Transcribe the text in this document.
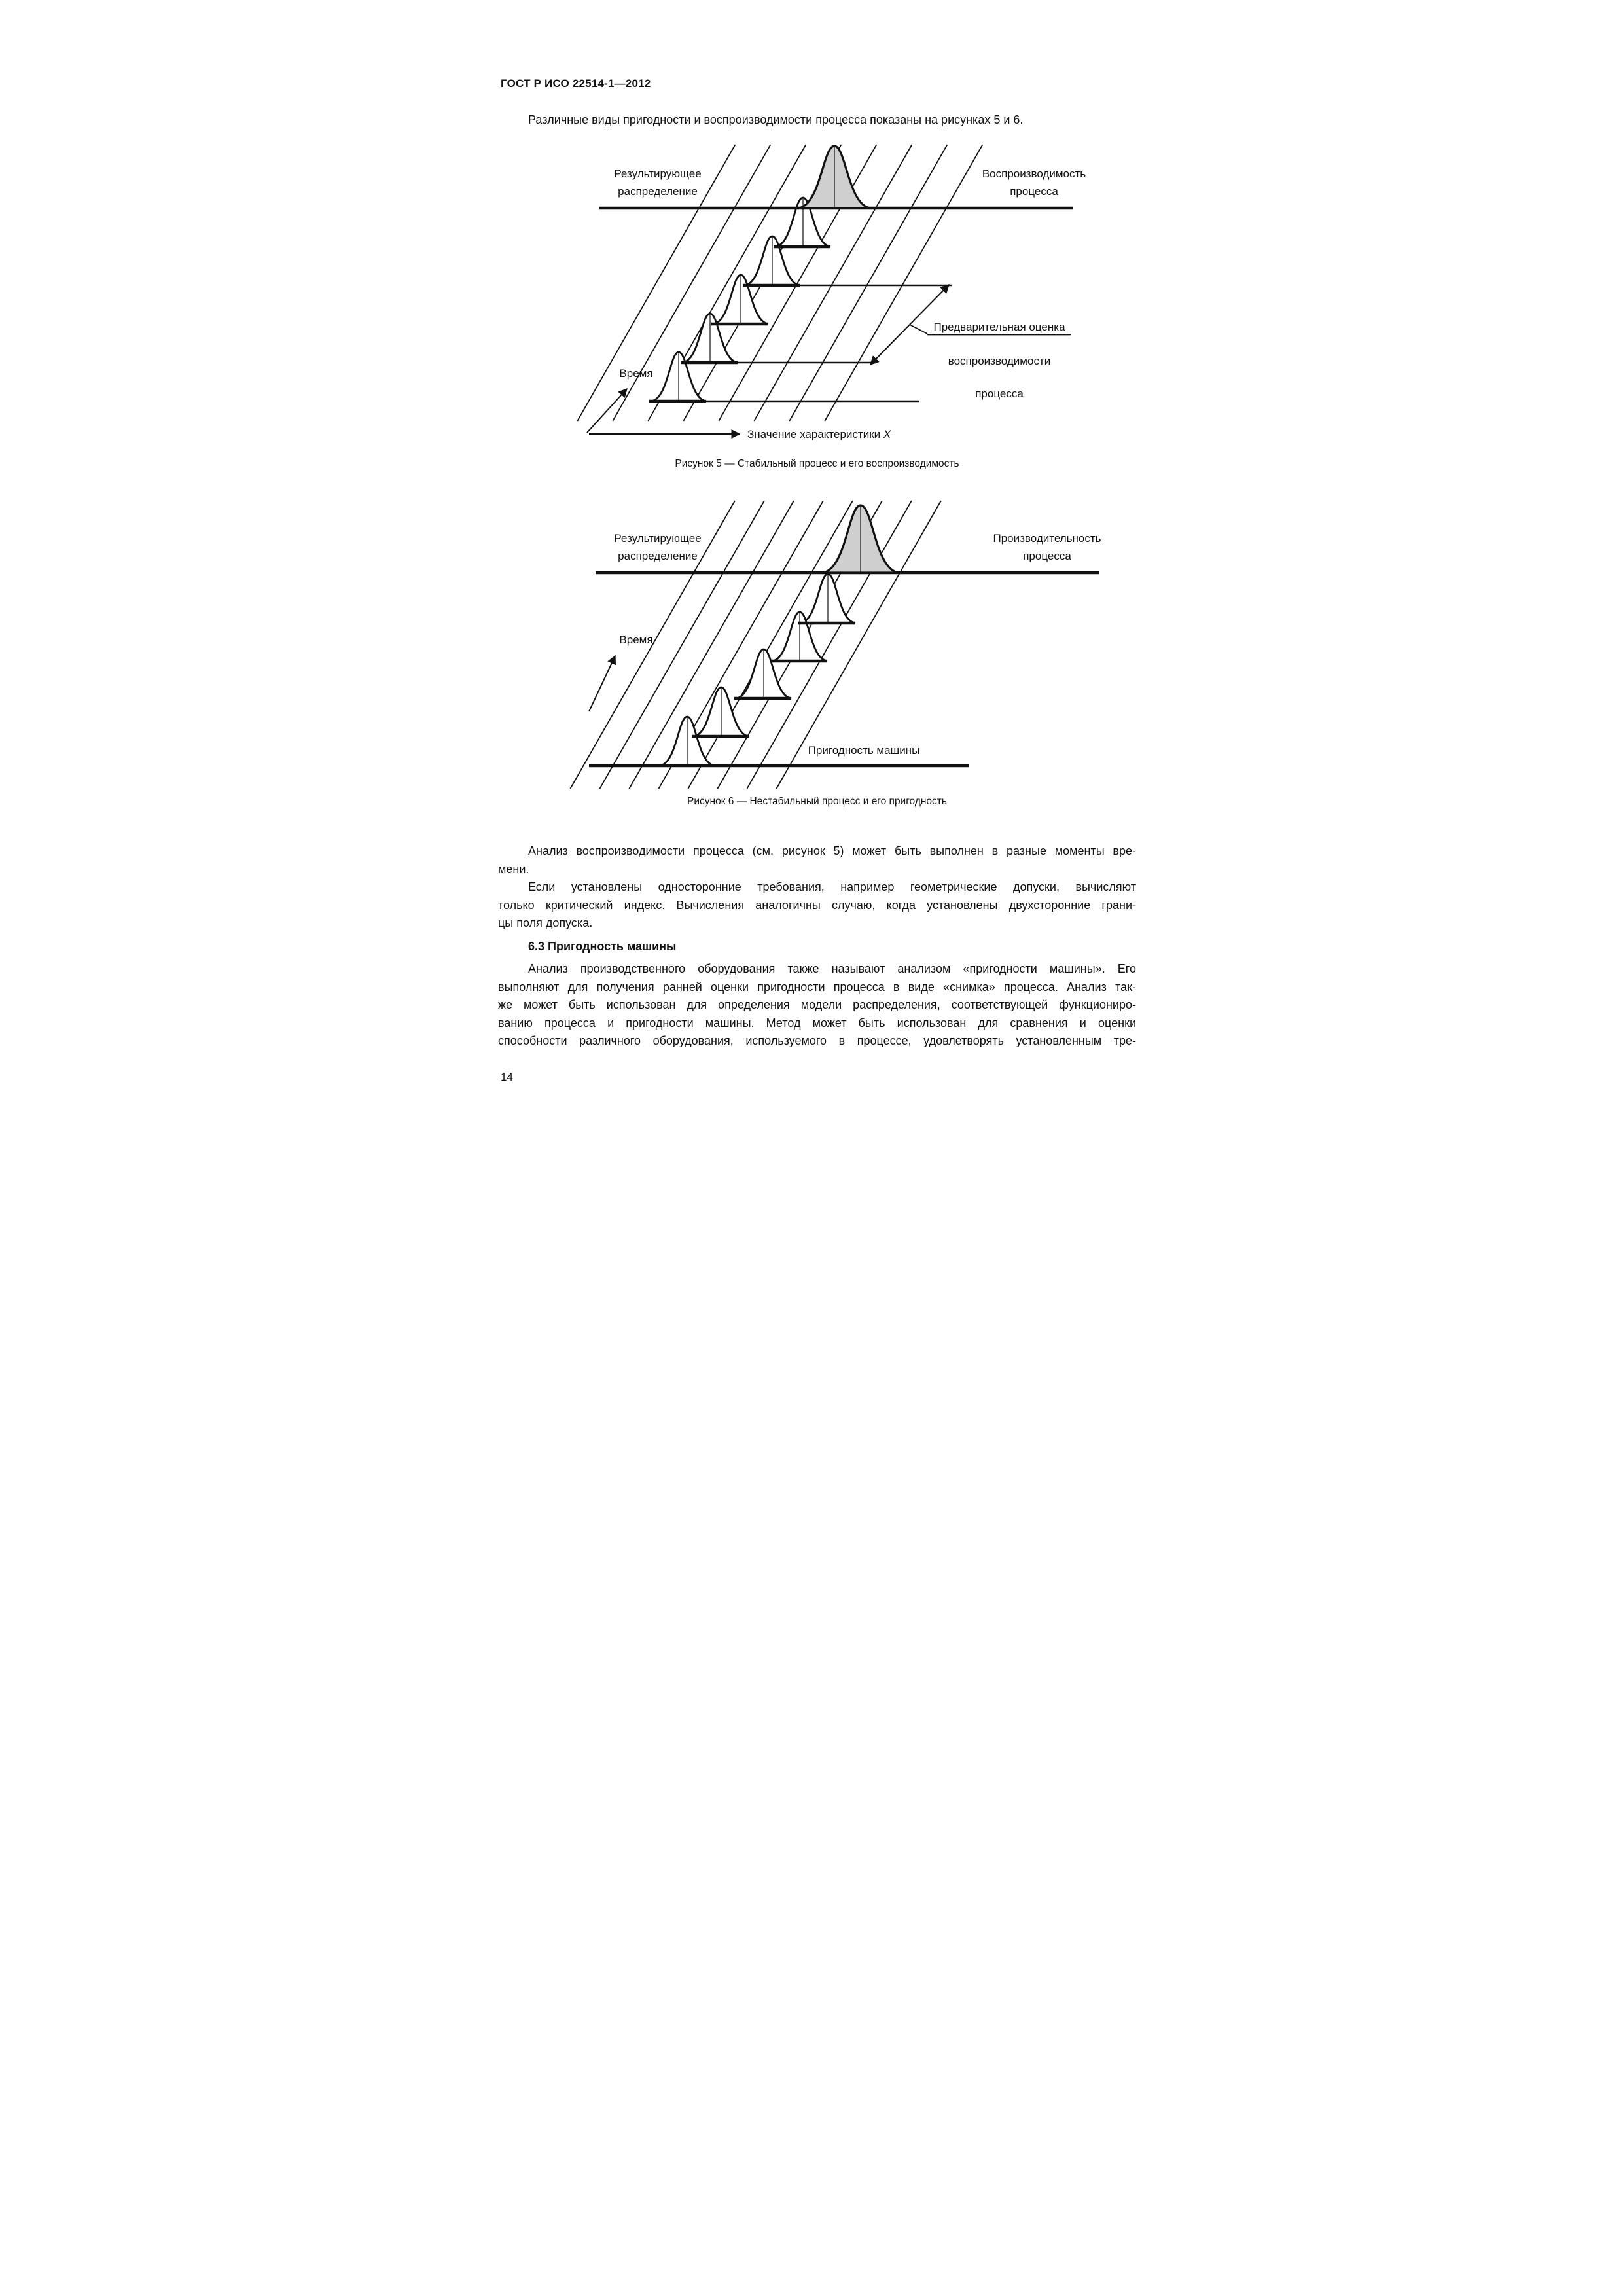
ГОСТ Р ИСО 22514-1—2012
Различные виды пригодности и воспроизводимости процесса показаны на рисунках 5 и 6.
Результирующее
распределение
Воспроизводимость
процесса
Время
Предварительная оценка
воспроизводимости
процесса
Значение характеристики X
Рисунок 5 — Стабильный процесс и его воспроизводимость
Результирующее
распределение
Производительность
процесса
Время
Пригодность машины
Рисунок 6 — Нестабильный процесс и его пригодность
Анализ воспроизводимости процесса (см. рисунок 5) может быть выполнен в разные моменты вре-
мени.
Если установлены односторонние требования, например геометрические допуски, вычисляют
только критический индекс. Вычисления аналогичны случаю, когда установлены двухсторонние грани-
цы поля допуска.
6.3 Пригодность машины
Анализ производственного оборудования также называют анализом «пригодности машины». Его
выполняют для получения ранней оценки пригодности процесса в виде «снимка» процесса. Анализ так-
же может быть использован для определения модели распределения, соответствующей функциониро-
ванию процесса и пригодности машины. Метод может быть использован для сравнения и оценки
способности различного оборудования, используемого в процессе, удовлетворять установленным тре-
14
